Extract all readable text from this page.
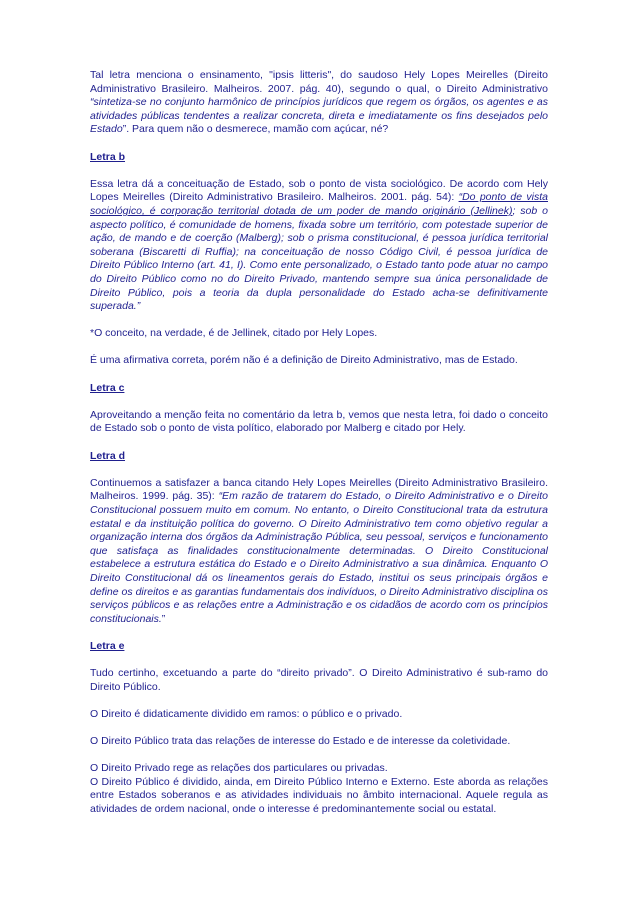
Tal letra menciona o ensinamento, "ipsis litteris", do saudoso Hely Lopes Meirelles (Direito Administrativo Brasileiro. Malheiros. 2007. pág. 40), segundo o qual, o Direito Administrativo “sintetiza-se no conjunto harmônico de princípios jurídicos que regem os órgãos, os agentes e as atividades públicas tendentes a realizar concreta, direta e imediatamente os fins desejados pelo Estado”. Para quem não o desmerece, mamão com açúcar, né?

Letra b

Essa letra dá a conceituação de Estado, sob o ponto de vista sociológico. De acordo com Hely Lopes Meirelles (Direito Administrativo Brasileiro. Malheiros. 2001. pág. 54): “Do ponto de vista sociológico, é corporação territorial dotada de um poder de mando originário (Jellinek); sob o aspecto político, é comunidade de homens, fixada sobre um território, com potestade superior de ação, de mando e de coerção (Malberg); sob o prisma constitucional, é pessoa jurídica territorial soberana (Biscaretti di Ruffia); na conceituação de nosso Código Civil, é pessoa jurídica de Direito Público Interno (art. 41, I). Como ente personalizado, o Estado tanto pode atuar no campo do Direito Público como no do Direito Privado, mantendo sempre sua única personalidade de Direito Público, pois a teoria da dupla personalidade do Estado acha-se definitivamente superada.”

*O conceito, na verdade, é de Jellinek, citado por Hely Lopes.

É uma afirmativa correta, porém não é a definição de Direito Administrativo, mas de Estado.

Letra c

Aproveitando a menção feita no comentário da letra b, vemos que nesta letra, foi dado o conceito de Estado sob o ponto de vista político, elaborado por Malberg e citado por Hely.

Letra d

Continuemos a satisfazer a banca citando Hely Lopes Meirelles (Direito Administrativo Brasileiro. Malheiros. 1999. pág. 35): “Em razão de tratarem do Estado, o Direito Administrativo e o Direito Constitucional possuem muito em comum. No entanto, o Direito Constitucional trata da estrutura estatal e da instituição política do governo. O Direito Administrativo tem como objetivo regular a organização interna dos órgãos da Administração Pública, seu pessoal, serviços e funcionamento que satisfaça as finalidades constitucionalmente determinadas. O Direito Constitucional estabelece a estrutura estática do Estado e o Direito Administrativo a sua dinâmica. Enquanto O Direito Constitucional dá os lineamentos gerais do Estado, institui os seus principais órgãos e define os direitos e as garantias fundamentais dos indivíduos, o Direito Administrativo disciplina os serviços públicos e as relações entre a Administração e os cidadãos de acordo com os princípios constitucionais.”

Letra e

Tudo certinho, excetuando a parte do “direito privado”. O Direito Administrativo é sub-ramo do Direito Público.

O Direito é didaticamente dividido em ramos: o público e o privado.

O Direito Público trata das relações de interesse do Estado e de interesse da coletividade.

O Direito Privado rege as relações dos particulares ou privadas.

O Direito Público é dividido, ainda, em Direito Público Interno e Externo. Este aborda as relações entre Estados soberanos e as atividades individuais no âmbito internacional. Aquele regula as atividades de ordem nacional, onde o interesse é predominantemente social ou estatal.
